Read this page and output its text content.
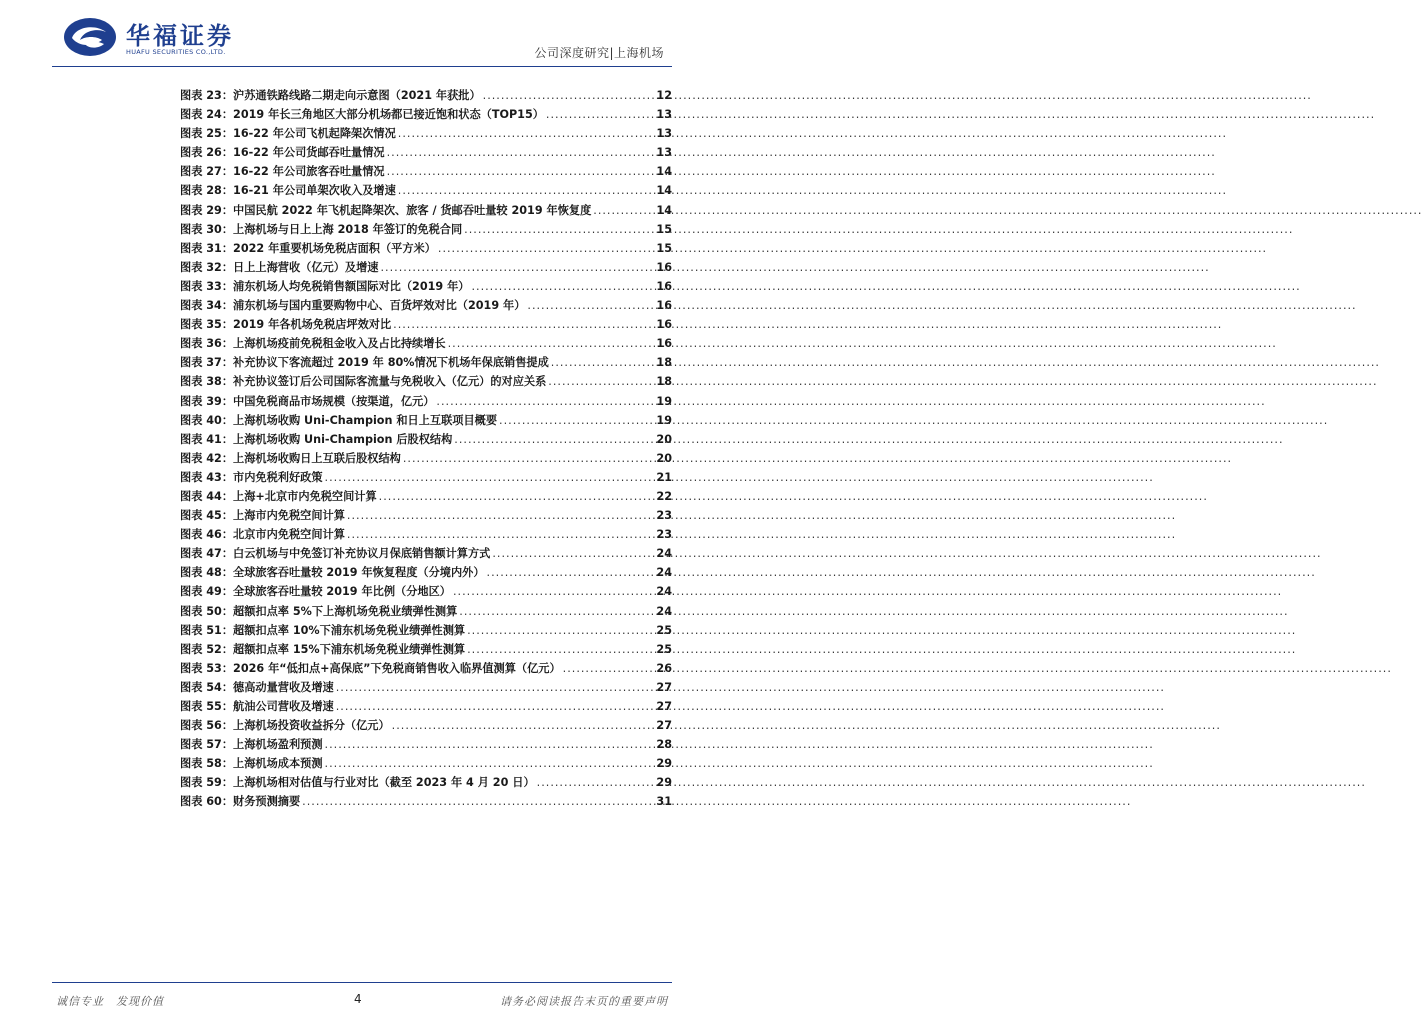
华福证券
HUAFU SECURITIES CO.,LTD.	公司深度研究|上海机场
图表 23： 沪苏通铁路线路二期走向示意图（2021 年获批） .....	12
图表 24： 2019 年长三角地区大部分机场都已接近饱和状态（TOP15） .....	13
图表 25： 16-22 年公司飞机起降架次情况 .....	13
图表 26： 16-22 年公司货邮吞吐量情况 .....	13
图表 27： 16-22 年公司旅客吞吐量情况 .....	14
图表 28： 16-21 年公司单架次收入及增速 .....	14
图表 29： 中国民航 2022 年飞机起降架次、旅客 / 货邮吞吐量较 2019 年恢复度 .....	14
图表 30： 上海机场与日上上海 2018 年签订的免税合同 .....	15
图表 31： 2022 年重要机场免税店面积（平方米） .....	15
图表 32： 日上上海营收（亿元）及增速 .....	16
图表 33： 浦东机场人均免税销售额国际对比（2019 年） .....	16
图表 34： 浦东机场与国内重要购物中心、百货坪效对比（2019 年） .....	16
图表 35： 2019 年各机场免税店坪效对比 .....	16
图表 36： 上海机场疫前免税租金收入及占比持续增长 .....	16
图表 37： 补充协议下客流超过 2019 年 80%情况下机场年保底销售提成 .....	18
图表 38： 补充协议签订后公司国际客流量与免税收入（亿元）的对应关系 .....	18
图表 39： 中国免税商品市场规模（按渠道，亿元） .....	19
图表 40： 上海机场收购 Uni-Champion 和日上互联项目概要 .....	19
图表 41： 上海机场收购 Uni-Champion 后股权结构 .....	20
图表 42： 上海机场收购日上互联后股权结构 .....	20
图表 43： 市内免税利好政策 .....	21
图表 44： 上海+北京市内免税空间计算 .....	22
图表 45： 上海市内免税空间计算 .....	23
图表 46： 北京市内免税空间计算 .....	23
图表 47： 白云机场与中免签订补充协议月保底销售额计算方式 .....	24
图表 48： 全球旅客吞吐量较 2019 年恢复程度（分境内外） .....	24
图表 49： 全球旅客吞吐量较 2019 年比例（分地区） .....	24
图表 50： 超额扣点率 5%下上海机场免税业绩弹性测算 .....	24
图表 51： 超额扣点率 10%下浦东机场免税业绩弹性测算 .....	25
图表 52： 超额扣点率 15%下浦东机场免税业绩弹性测算 .....	25
图表 53： 2026 年“低扣点+高保底”下免税商销售收入临界值测算（亿元） .....	26
图表 54： 德高动量营收及增速 .....	27
图表 55： 航油公司营收及增速 .....	27
图表 56： 上海机场投资收益拆分（亿元） .....	27
图表 57： 上海机场盈利预测 .....	28
图表 58： 上海机场成本预测 .....	29
图表 59： 上海机场相对估值与行业对比（截至 2023 年 4 月 20 日） .....	29
图表 60： 财务预测摘要 .....	31
诚信专业　发现价值	4	请务必阅读报告末页的重要声明
